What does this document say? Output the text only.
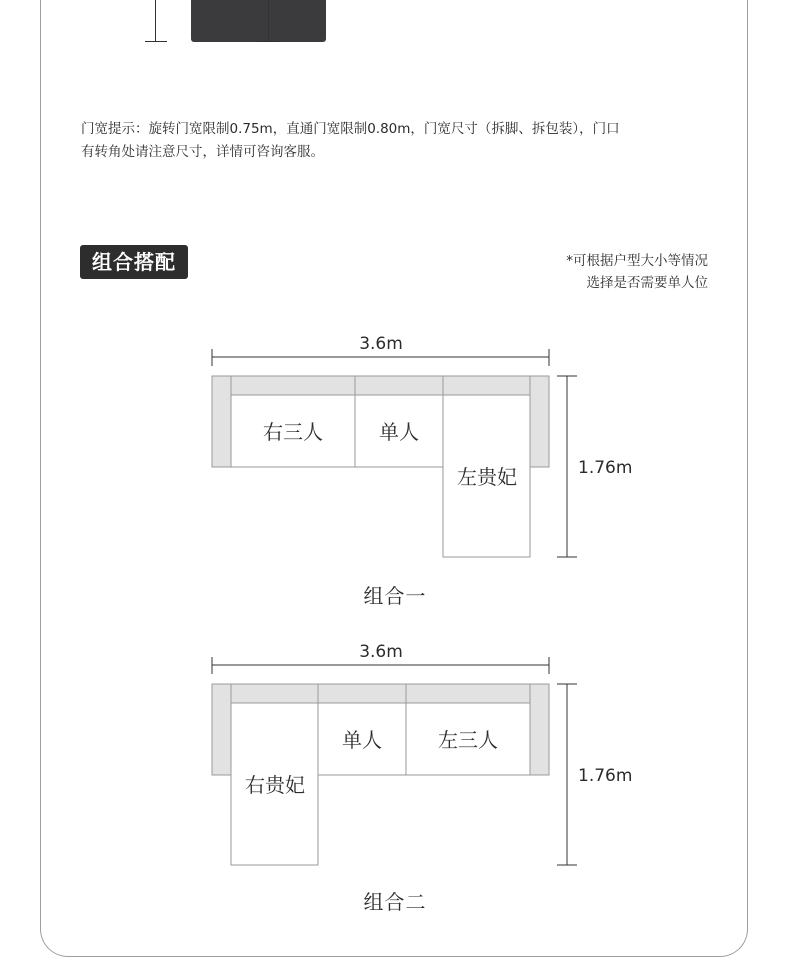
门宽提示：旋转门宽限制0.75m，直通门宽限制0.80m，门宽尺寸（拆脚、拆包装），门口
有转角处请注意尺寸，详情可咨询客服。
组合搭配	*可根据户型大小等情况
选择是否需要单人位
3.6m
右三人	单人
左贵妃	1.76m
组合一
3.6m
右贵妃
单人	左三人
1.76m
组合二
